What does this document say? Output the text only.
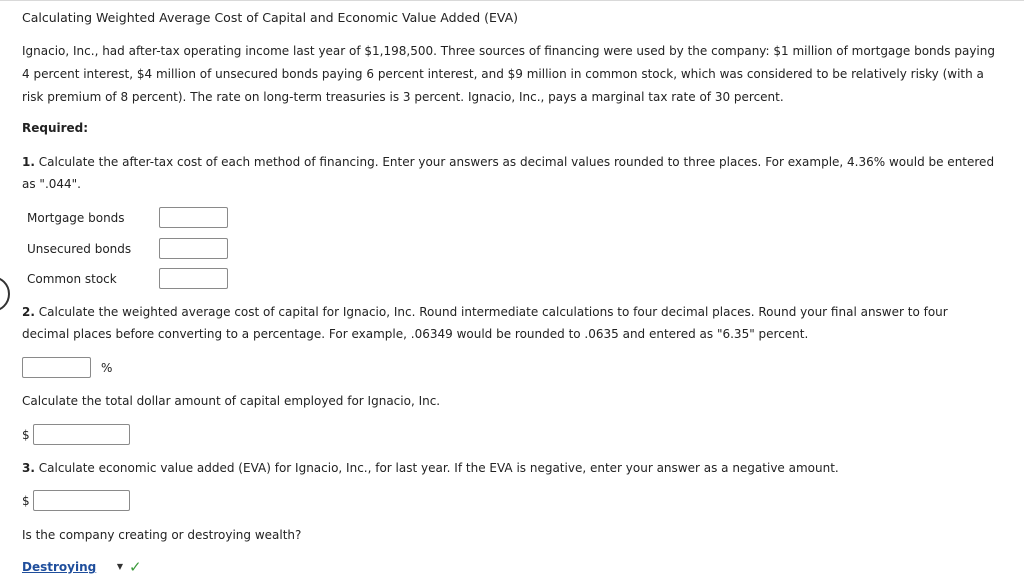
Calculating Weighted Average Cost of Capital and Economic Value Added (EVA)
Ignacio, Inc., had after-tax operating income last year of $1,198,500. Three sources of financing were used by the company: $1 million of mortgage bonds paying 4 percent interest, $4 million of unsecured bonds paying 6 percent interest, and $9 million in common stock, which was considered to be relatively risky (with a risk premium of 8 percent). The rate on long-term treasuries is 3 percent. Ignacio, Inc., pays a marginal tax rate of 30 percent.
Required:
1. Calculate the after-tax cost of each method of financing. Enter your answers as decimal values rounded to three places. For example, 4.36% would be entered as ".044".
Mortgage bonds
Unsecured bonds
Common stock
2. Calculate the weighted average cost of capital for Ignacio, Inc. Round intermediate calculations to four decimal places. Round your final answer to four decimal places before converting to a percentage. For example, .06349 would be rounded to .0635 and entered as "6.35" percent.
%
Calculate the total dollar amount of capital employed for Ignacio, Inc.
$
3. Calculate economic value added (EVA) for Ignacio, Inc., for last year. If the EVA is negative, enter your answer as a negative amount.
$
Is the company creating or destroying wealth?
Destroying	▼ ✓
